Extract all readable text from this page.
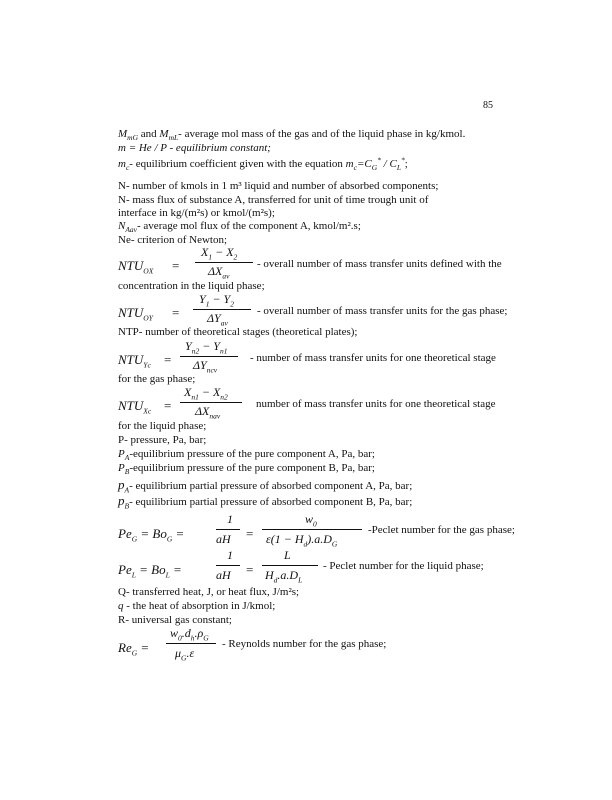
85
$M_{mG}$ and $M_{mL}-$ average mol mass of the gas and of the liquid phase in kg/kmol.
m = He / P - equilibrium constant;
$m_c-$ equilibrium coefficient given with the equation $m_c=C_G^* / C_L^*$;
N- number of kmols in 1 m³ liquid and number of absorbed components;
N- mass flux of substance A, transferred for unit of time trough unit of
interface in kg/(m²s) or kmol/(m²s);
$N_{Aav}-$ average mol flux of the component A, kmol/m².s;
Ne- criterion of Newton;
$NTU_{OX}$ =
$X_1 - X_2$
$\Delta X_{av}$
- overall number of mass transfer units defined with the
concentration in the liquid phase;
$NTU_{OY}$ =
$Y_1 - Y_2$
$\Delta Y_{av}$
- overall number of mass transfer units for the gas phase;
NTP- number of theoretical stages (theoretical plates);
$NTU_{Yc}$ =
$Y_{n2} - Y_{n1}$
$\Delta Y_{ncv}$
- number of mass transfer units for one theoretical stage
for the gas phase;
$NTU_{Xc}$ =
$X_{n1} - X_{n2}$
$\Delta X_{nav}$
number of mass transfer units for one theoretical stage
for the liquid phase;
P- pressure, Pa, bar;
$P_A$-equilibrium pressure of the pure component A, Pa, bar;
$P_B$-equilibrium pressure of the pure component B, Pa, bar;
$p_A-$ equilibrium partial pressure of absorbed component A, Pa, bar;
$p_B-$ equilibrium partial pressure of absorbed component B, Pa, bar;
$Pe_G = Bo_G$ =
1
aH =
$w_0$
$\varepsilon(1 - H_d).a.D_G$
-Peclet number for the gas phase;
$Pe_L = Bo_L$ =
1
aH =
L
$H_d.a.D_L$
- Peclet number for the liquid phase;
Q- transferred heat, J, or heat flux, J/m²s;
q - the heat of absorption in J/kmol;
R- universal gas constant;
$Re_G$ =
$w_0.d_h.\rho_G$
$\mu_G.\varepsilon$
- Reynolds number for the gas phase;
